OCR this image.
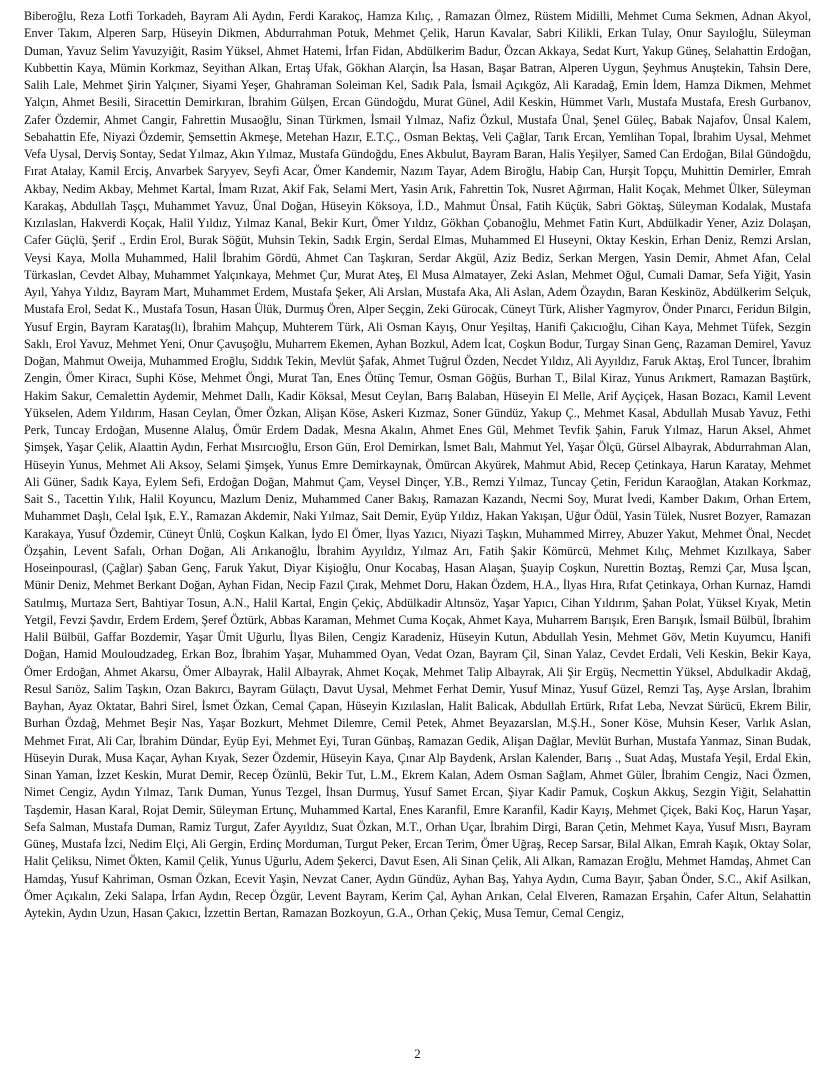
Biberoğlu, Reza Lotfi Torkadeh, Bayram Ali Aydın, Ferdi Karakoç, Hamza Kılıç, , Ramazan Ölmez, Rüstem Midilli, Mehmet Cuma Sekmen, Adnan Akyol, Enver Takım, Alperen Sarp, Hüseyin Dikmen, Abdurrahman Potuk, Mehmet Çelik, Harun Kavalar, Sabri Kilikli, Erkan Tulay, Onur Sayıloğlu, Süleyman Duman, Yavuz Selim Yavuzyiğit, Rasim Yüksel, Ahmet Hatemi, İrfan Fidan, Abdülkerim Badur, Özcan Akkaya, Sedat Kurt, Yakup Güneş, Selahattin Erdoğan, Kubbettin Kaya, Mümin Korkmaz, Seyithan Alkan, Ertaş Ufak, Gökhan Alarçin, İsa Hasan, Başar Batran, Alperen Uygun, Şeyhmus Anuştekin, Tahsin Dere, Salih Lale, Mehmet Şirin Yalçıner, Siyami Yeşer, Ghahraman Soleiman Kel, Sadık Pala, İsmail Açıkgöz, Ali Karadağ, Emin İdem, Hamza Dikmen, Mehmet Yalçın, Ahmet Besili, Siracettin Demirkıran, İbrahim Gülşen, Ercan Gündoğdu, Murat Günel, Adil Keskin, Hümmet Varlı, Mustafa Mustafa, Eresh Gurbanov, Zafer Özdemir, Ahmet Cangir, Fahrettin Musaoğlu, Sinan Türkmen, İsmail Yılmaz, Nafiz Özkul, Mustafa Ünal, Şenel Güleç, Babak Najafov, Ünsal Kalem, Sebahattin Efe, Niyazi Özdemir, Şemsettin Akmeşe, Metehan Hazır, E.T.Ç., Osman Bektaş, Veli Çağlar, Tarık Ercan, Yemlihan Topal, İbrahim Uysal, Mehmet Vefa Uysal, Derviş Sontay, Sedat Yılmaz, Akın Yılmaz, Mustafa Gündoğdu, Enes Akbulut, Bayram Baran, Halis Yeşilyer, Samed Can Erdoğan, Bilal Gündoğdu, Fırat Atalay, Kamil Erciş, Anvarbek Saryyev, Seyfi Acar, Ömer Kandemir, Nazım Tayar, Adem Biroğlu, Habip Can, Hurşit Topçu, Muhittin Demirler, Emrah Akbay, Nedim Akbay, Mehmet Kartal, İmam Rızat, Akif Fak, Selami Mert, Yasin Arık, Fahrettin Tok, Nusret Ağırman, Halit Koçak, Mehmet Ülker, Süleyman Karakaş, Abdullah Taşçı, Muhammet Yavuz, Ünal Doğan, Hüseyin Köksoya, İ.D., Mahmut Ünsal, Fatih Küçük, Sabri Göktaş, Süleyman Kodalak, Mustafa Kızılaslan, Hakverdi Koçak, Halil Yıldız, Yılmaz Kanal, Bekir Kurt, Ömer Yıldız, Gökhan Çobanoğlu, Mehmet Fatin Kurt, Abdülkadir Yener, Aziz Dolaşan, Cafer Güçlü, Şerif ., Erdin Erol, Burak Söğüt, Muhsin Tekin, Sadık Ergin, Serdal Elmas, Muhammed El Huseyni, Oktay Keskin, Erhan Deniz, Remzi Arslan, Veysi Kaya, Molla Muhammed, Halil İbrahim Gördü, Ahmet Can Taşkıran, Serdar Akgül, Aziz Bediz, Serkan Mergen, Yasin Demir, Ahmet Afan, Celal Türkaslan, Cevdet Albay, Muhammet Yalçınkaya, Mehmet Çur, Murat Ateş, El Musa Almatayer, Zeki Aslan, Mehmet Oğul, Cumali Damar, Sefa Yiğit, Yasin Ayıl, Yahya Yıldız, Bayram Mart, Muhammet Erdem, Mustafa Şeker, Ali Arslan, Mustafa Aka, Ali Aslan, Adem Özaydın, Baran Keskinöz, Abdülkerim Selçuk, Mustafa Erol, Sedat K., Mustafa Tosun, Hasan Ülük, Durmuş Ören, Alper Seçgin, Zeki Gürocak, Cüneyt Türk, Alisher Yagmyrov, Önder Pınarcı, Feridun Bilgin, Yusuf Ergin, Bayram Karataş(lı), İbrahim Mahçup, Muhterem Türk, Ali Osman Kayış, Onur Yeşiltaş, Hanifi Çakıcıoğlu, Cihan Kaya, Mehmet Tüfek, Sezgin Saklı, Erol Yavuz, Mehmet Yeni, Onur Çavuşoğlu, Muharrem Ekemen, Ayhan Bozkul, Adem İcat, Coşkun Bodur, Turgay Sinan Genç, Razaman Demirel, Yavuz Doğan, Mahmut Oweija, Muhammed Eroğlu, Sıddık Tekin, Mevlüt Şafak, Ahmet Tuğrul Özden, Necdet Yıldız, Ali Ayyıldız, Faruk Aktaş, Erol Tuncer, İbrahim Zengin, Ömer Kiracı, Suphi Köse, Mehmet Öngi, Murat Tan, Enes Ötünç Temur, Osman Göğüs, Burhan T., Bilal Kiraz, Yunus Arıkmert, Ramazan Baştürk, Hakim Sakur, Cemalettin Aydemir, Mehmet Dallı, Kadir Köksal, Mesut Ceylan, Barış Balaban, Hüseyin El Melle, Arif Ayçiçek, Hasan Bozacı, Kamil Levent Yükselen, Adem Yıldırım, Hasan Ceylan, Ömer Özkan, Alişan Köse, Askeri Kızmaz, Soner Gündüz, Yakup Ç., Mehmet Kasal, Abdullah Musab Yavuz, Fethi Perk, Tuncay Erdoğan, Musenne Alaluş, Ömür Erdem Dadak, Mesna Akalın, Ahmet Enes Gül, Mehmet Tevfik Şahin, Faruk Yılmaz, Harun Aksel, Ahmet Şimşek, Yaşar Çelik, Alaattin Aydın, Ferhat Mısırcıoğlu, Erson Gün, Erol Demirkan, İsmet Balı, Mahmut Yel, Yaşar Ölçü, Gürsel Albayrak, Abdurrahman Alan, Hüseyin Yunus, Mehmet Ali Aksoy, Selami Şimşek, Yunus Emre Demirkaynak, Ömürcan Akyürek, Mahmut Abid, Recep Çetinkaya, Harun Karatay, Mehmet Ali Güner, Sadık Kaya, Eylem Sefi, Erdoğan Doğan, Mahmut Çam, Veysel Dinçer, Y.B., Remzi Yılmaz, Tuncay Çetin, Feridun Karaoğlan, Atakan Korkmaz, Sait S., Tacettin Yılık, Halil Koyuncu, Mazlum Deniz, Muhammed Caner Bakış, Ramazan Kazandı, Necmi Soy, Murat İvedi, Kamber Dakım, Orhan Ertem, Muhammet Daşlı, Celal Işık, E.Y., Ramazan Akdemir, Naki Yılmaz, Sait Demir, Eyüp Yıldız, Hakan Yakışan, Uğur Ödül, Yasin Tülek, Nusret Bozyer, Ramazan Karakaya, Yusuf Özdemir, Cüneyt Ünlü, Coşkun Kalkan, İydo El Ömer, İlyas Yazıcı, Niyazi Taşkın, Muhammed Mirrey, Abuzer Yakut, Mehmet Önal, Necdet Özşahin, Levent Safalı, Orhan Doğan, Ali Arıkanoğlu, İbrahim Ayyıldız, Yılmaz Arı, Fatih Şakir Kömürcü, Mehmet Kılıç, Mehmet Kızılkaya, Saber Hoseinpourasl, (Çağlar) Şaban Genç, Faruk Yakut, Diyar Kişioğlu, Onur Kocabaş, Hasan Alaşan, Şuayip Coşkun, Nurettin Boztaş, Remzi Çar, Musa İşcan, Münir Deniz, Mehmet Berkant Doğan, Ayhan Fidan, Necip Fazıl Çırak, Mehmet Doru, Hakan Özdem, H.A., İlyas Hıra, Rıfat Çetinkaya, Orhan Kurnaz, Hamdi Satılmış, Murtaza Sert, Bahtiyar Tosun, A.N., Halil Kartal, Engin Çekiç, Abdülkadir Altınsöz, Yaşar Yapıcı, Cihan Yıldırım, Şahan Polat, Yüksel Kıyak, Metin Yetgil, Fevzi Şavdır, Erdem Erdem, Şeref Öztürk, Abbas Karaman, Mehmet Cuma Koçak, Ahmet Kaya, Muharrem Barışık, Eren Barışık, İsmail Bülbül, İbrahim Halil Bülbül, Gaffar Bozdemir, Yaşar Ümit Uğurlu, İlyas Bilen, Cengiz Karadeniz, Hüseyin Kutun, Abdullah Yesin, Mehmet Göv, Metin Kuyumcu, Hanifi Doğan, Hamid Mouloudzadeg, Erkan Boz, İbrahim Yaşar, Muhammed Oyan, Vedat Ozan, Bayram Çil, Sinan Yalaz, Cevdet Erdali, Veli Keskin, Bekir Kaya, Ömer Erdoğan, Ahmet Akarsu, Ömer Albayrak, Halil Albayrak, Ahmet Koçak, Mehmet Talip Albayrak, Ali Şir Ergüş, Necmettin Yüksel, Abdulkadir Akdağ, Resul Sarıöz, Salim Taşkın, Ozan Bakırcı, Bayram Gülaçtı, Davut Uysal, Mehmet Ferhat Demir, Yusuf Minaz, Yusuf Güzel, Remzi Taş, Ayşe Arslan, İbrahim Bayhan, Ayaz Oktatar, Bahri Sirel, İsmet Özkan, Cemal Çapan, Hüseyin Kızılaslan, Halit Balicak, Abdullah Ertürk, Rıfat Leba, Nevzat Sürücü, Ekrem Bilir, Burhan Özdağ, Mehmet Beşir Nas, Yaşar Bozkurt, Mehmet Dilemre, Cemil Petek, Ahmet Beyazarslan, M.Ş.H., Soner Köse, Muhsin Keser, Varlık Aslan, Mehmet Fırat, Ali Car, İbrahim Dündar, Eyüp Eyi, Mehmet Eyi, Turan Günbaş, Ramazan Gedik, Alişan Dağlar, Mevlüt Burhan, Mustafa Yanmaz, Sinan Budak, Hüseyin Durak, Musa Kaçar, Ayhan Kıyak, Sezer Özdemir, Hüseyin Kaya, Çınar Alp Baydenk, Arslan Kalender, Barış ., Suat Adaş, Mustafa Yeşil, Erdal Ekin, Sinan Yaman, İzzet Keskin, Murat Demir, Recep Özünlü, Bekir Tut, L.M., Ekrem Kalan, Adem Osman Sağlam, Ahmet Güler, İbrahim Cengiz, Naci Özmen, Nimet Cengiz, Aydın Yılmaz, Tarık Duman, Yunus Tezgel, İhsan Durmuş, Yusuf Samet Ercan, Şiyar Kadir Pamuk, Coşkun Akkuş, Sezgin Yiğit, Selahattin Taşdemir, Hasan Karal, Rojat Demir, Süleyman Ertunç, Muhammed Kartal, Enes Karanfil, Emre Karanfil, Kadir Kayış, Mehmet Çiçek, Baki Koç, Harun Yaşar, Sefa Salman, Mustafa Duman, Ramiz Turgut, Zafer Ayyıldız, Suat Özkan, M.T., Orhan Uçar, İbrahim Dirgi, Baran Çetin, Mehmet Kaya, Yusuf Mısrı, Bayram Güneş, Mustafa İzci, Nedim Elçi, Ali Gergin, Erdinç Morduman, Turgut Peker, Ercan Terim, Ömer Uğraş, Recep Sarsar, Bilal Alkan, Emrah Kaşık, Oktay Solar, Halit Çeliksu, Nimet Ökten, Kamil Çelik, Yunus Uğurlu, Adem Şekerci, Davut Esen, Ali Sinan Çelik, Ali Alkan, Ramazan Eroğlu, Mehmet Hamdaş, Ahmet Can Hamdaş, Yusuf Kahriman, Osman Özkan, Ecevit Yaşin, Nevzat Caner, Aydın Gündüz, Ayhan Baş, Yahya Aydın, Cuma Bayır, Şaban Önder, S.C., Akif Asilkan, Ömer Açıkalın, Zeki Salapa, İrfan Aydın, Recep Özgür, Levent Bayram, Kerim Çal, Ayhan Arıkan, Celal Elveren, Ramazan Erşahin, Cafer Altun, Selahattin Aytekin, Aydın Uzun, Hasan Çakıcı, İzzettin Bertan, Ramazan Bozkoyun, G.A., Orhan Çekiç, Musa Temur, Cemal Cengiz,

2
